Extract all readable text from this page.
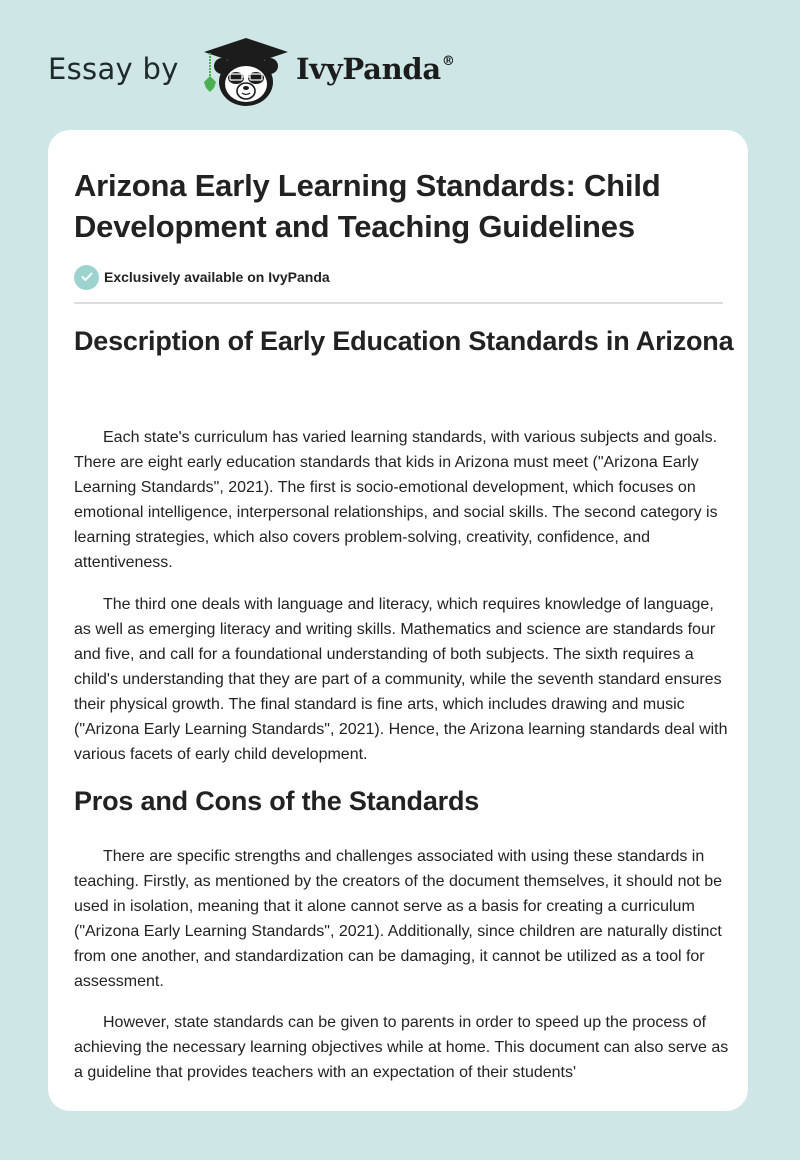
Essay by	IvyPanda®
Arizona Early Learning Standards: Child Development and Teaching Guidelines
Exclusively available on IvyPanda
Description of Early Education Standards in Arizona

Each state's curriculum has varied learning standards, with various subjects and goals. There are eight early education standards that kids in Arizona must meet ("Arizona Early Learning Standards", 2021). The first is socio-emotional development, which focuses on emotional intelligence, interpersonal relationships, and social skills. The second category is learning strategies, which also covers problem-solving, creativity, confidence, and attentiveness.

The third one deals with language and literacy, which requires knowledge of language, as well as emerging literacy and writing skills. Mathematics and science are standards four and five, and call for a foundational understanding of both subjects. The sixth requires a child's understanding that they are part of a community, while the seventh standard ensures their physical growth. The final standard is fine arts, which includes drawing and music ("Arizona Early Learning Standards", 2021). Hence, the Arizona learning standards deal with various facets of early child development.

Pros and Cons of the Standards

There are specific strengths and challenges associated with using these standards in teaching. Firstly, as mentioned by the creators of the document themselves, it should not be used in isolation, meaning that it alone cannot serve as a basis for creating a curriculum ("Arizona Early Learning Standards", 2021). Additionally, since children are naturally distinct from one another, and standardization can be damaging, it cannot be utilized as a tool for assessment.

However, state standards can be given to parents in order to speed up the process of achieving the necessary learning objectives while at home. This document can also serve as a guideline that provides teachers with an expectation of their students'
